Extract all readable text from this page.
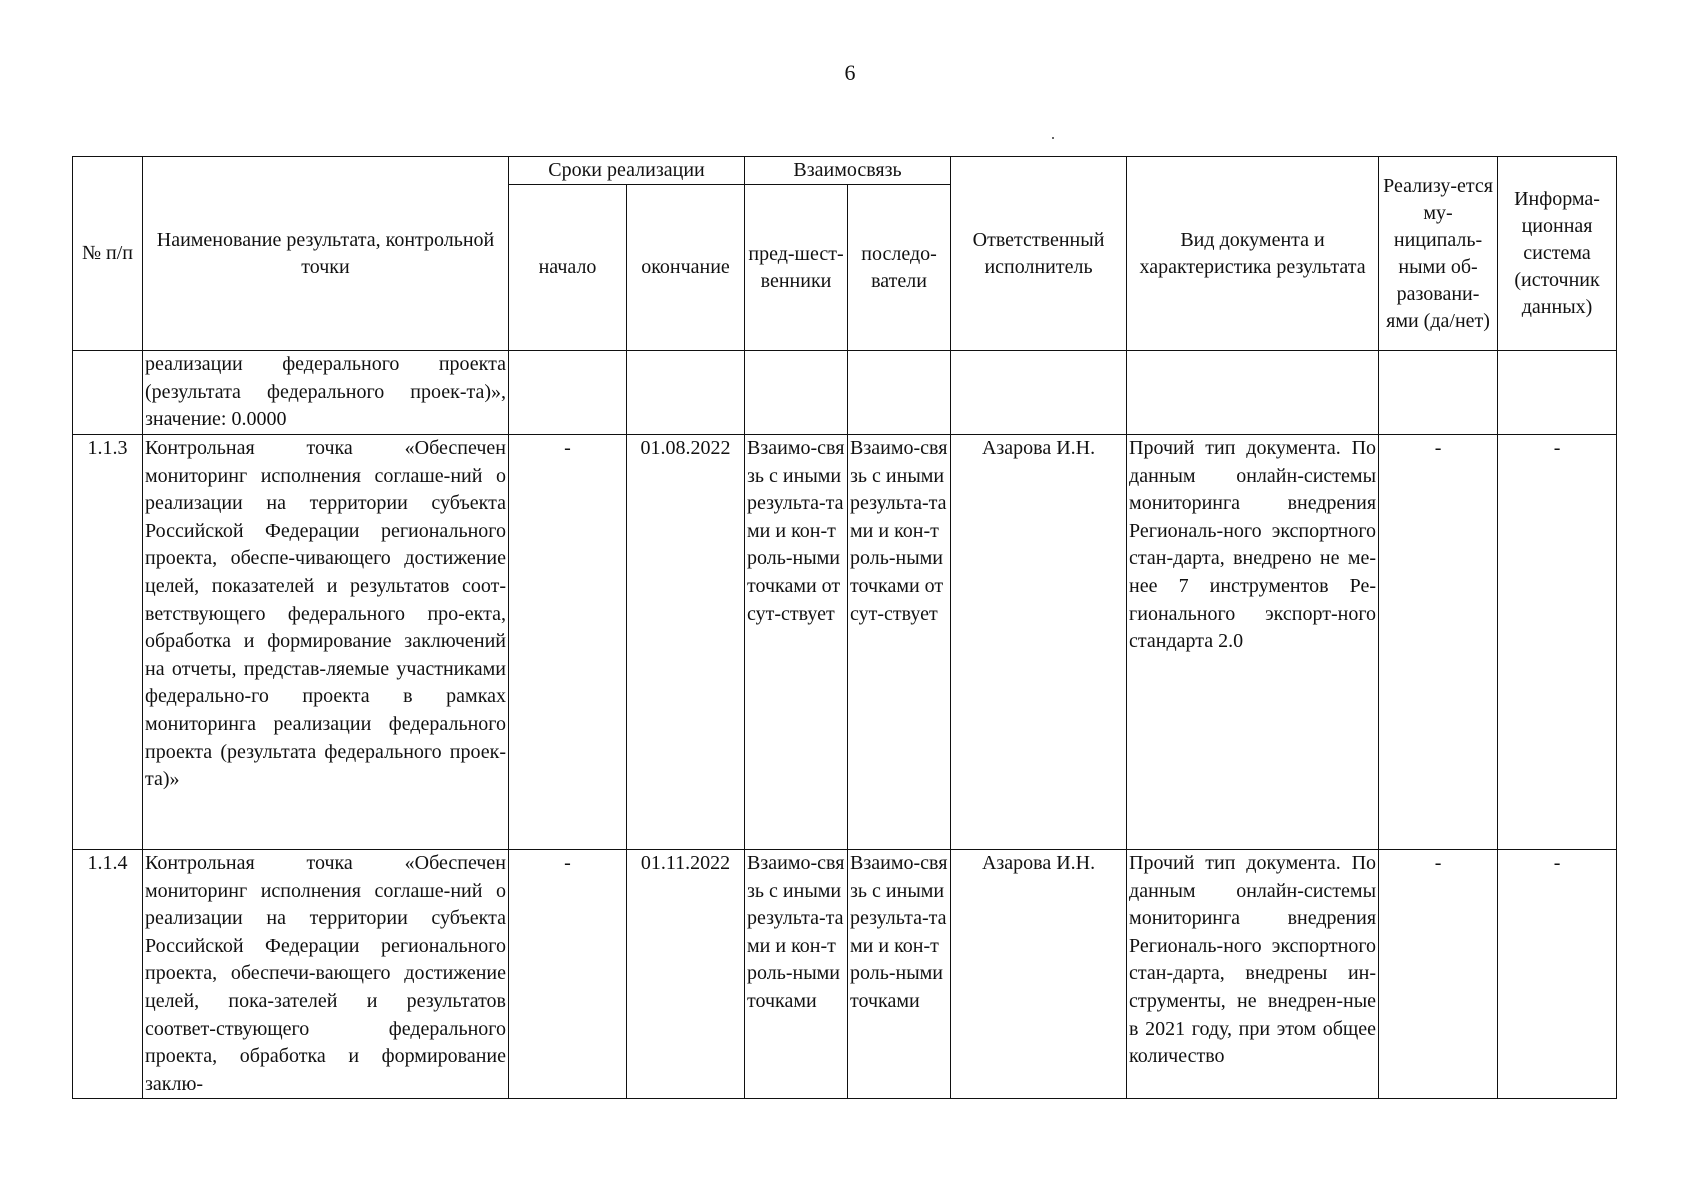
6
№ п/п	Наименование результата, контрольной точки	Сроки реализации		Взаимосвязь		Ответственный исполнитель	Вид документа и характеристика результата	Реализу-ется му-ниципаль-ными об-разовани-ями (да/нет)	Информа-ционная система (источник данных)
		начало	окончание	пред-шест-венники	последо-ватели				
	реализации федерального проекта (результата федерального проек-та)», значение: 0.0000								
1.1.3	Контрольная точка «Обеспечен мониторинг исполнения соглаше-ний о реализации на территории субъекта Российской Федерации регионального проекта, обеспе-чивающего достижение целей, показателей и результатов соот-ветствующего федерального про-екта, обработка и формирование заключений на отчеты, представ-ляемые участниками федерально-го проекта в рамках мониторинга реализации федерального проекта (результата федерального проек-та)»	-	01.08.2022	Взаимо-связь с иными результа-тами и кон-троль-ными точками отсут-ствует	Взаимо-связь с иными результа-тами и кон-троль-ными точками отсут-ствует	Азарова И.Н.	Прочий тип документа. По данным онлайн-системы мониторинга внедрения Региональ-ного экспортного стан-дарта, внедрено не ме-нее 7 инструментов Ре-гионального экспорт-ного стандарта 2.0	-	-
1.1.4	Контрольная точка «Обеспечен мониторинг исполнения соглаше-ний о реализации на территории субъекта Российской Федерации регионального проекта, обеспечи-вающего достижение целей, пока-зателей и результатов соответ-ствующего федерального проекта, обработка и формирование заклю-	-	01.11.2022	Взаимо-связь с иными результа-тами и кон-троль-ными точками	Взаимо-связь с иными результа-тами и кон-троль-ными точками	Азарова И.Н.	Прочий тип документа. По данным онлайн-системы мониторинга внедрения Региональ-ного экспортного стан-дарта, внедрены ин-струменты, не внедрен-ные в 2021 году, при этом общее количество	-	-
